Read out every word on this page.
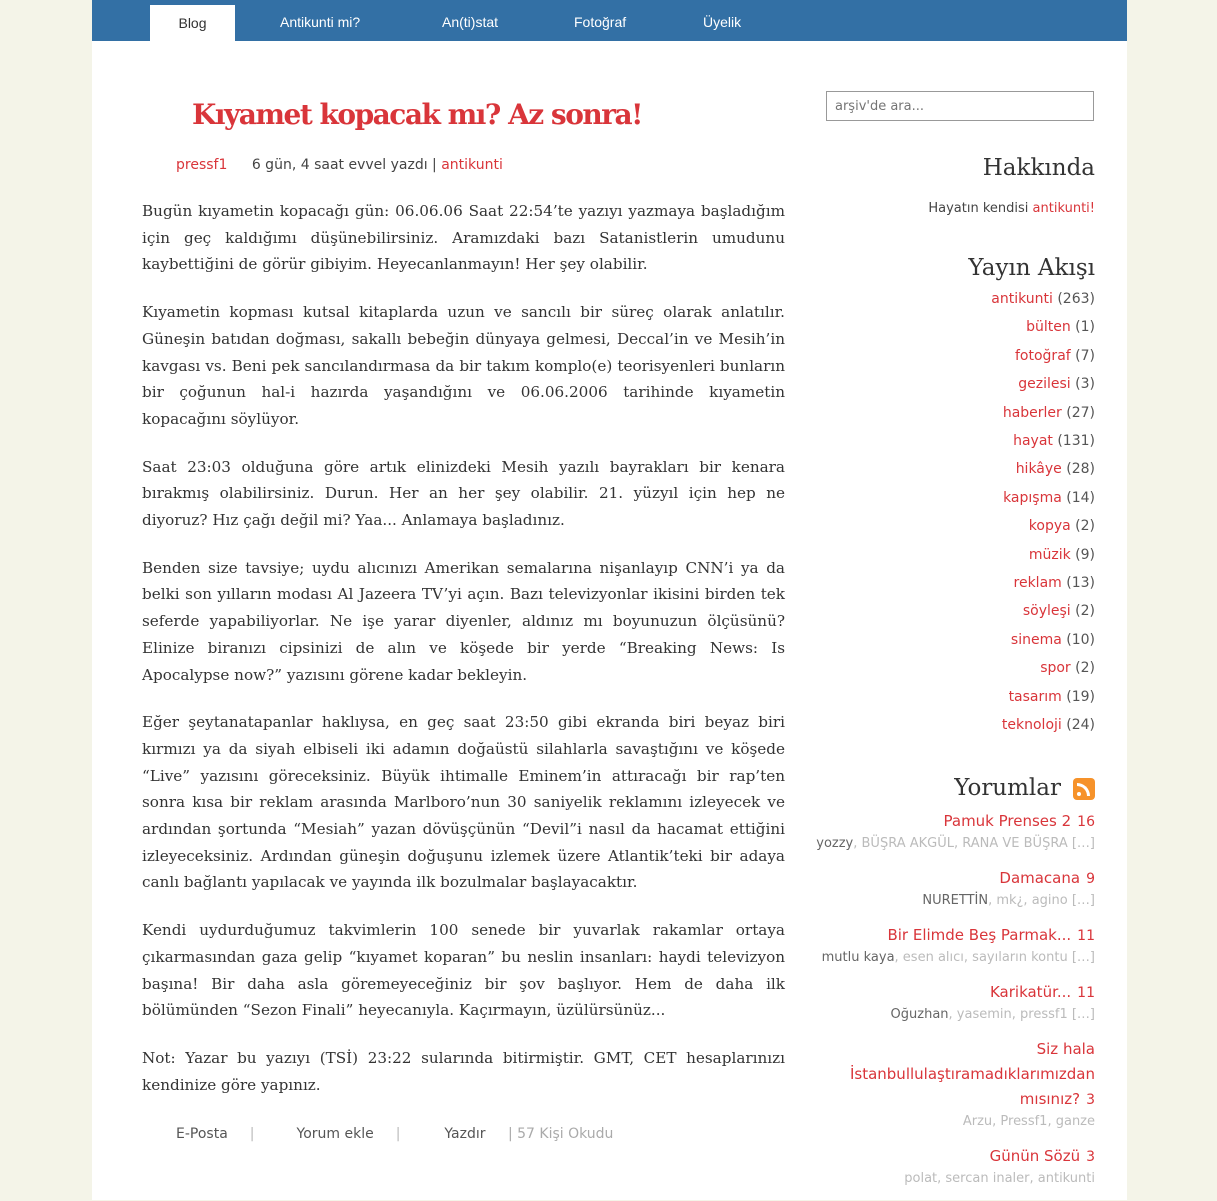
Blog	Antikunti mi?	An(ti)stat	Fotoğraf	Üyelik
Kıyamet kopacak mı? Az sonra!
pressf1 6 gün, 4 saat evvel yazdı | antikunti

Bugün kıyametin kopacağı gün: 06.06.06 Saat 22:54’te yazıyı yazmaya başladığım için geç kaldığımı düşünebilirsiniz. Aramızdaki bazı Satanistlerin umudunu kaybettiğini de görür gibiyim. Heyecanlanmayın! Her şey olabilir.

Kıyametin kopması kutsal kitaplarda uzun ve sancılı bir süreç olarak anlatılır. Güneşin batıdan doğması, sakallı bebeğin dünyaya gelmesi, Deccal’in ve Mesih’in kavgası vs. Beni pek sancılandırmasa da bir takım komplo(e) teorisyenleri bunların bir çoğunun hal-i hazırda yaşandığını ve 06.06.2006 tarihinde kıyametin kopacağını söylüyor.

Saat 23:03 olduğuna göre artık elinizdeki Mesih yazılı bayrakları bir kenara bırakmış olabilirsiniz. Durun. Her an her şey olabilir. 21. yüzyıl için hep ne diyoruz? Hız çağı değil mi? Yaa... Anlamaya başladınız.

Benden size tavsiye; uydu alıcınızı Amerikan semalarına nişanlayıp CNN’i ya da belki son yılların modası Al Jazeera TV’yi açın. Bazı televizyonlar ikisini birden tek seferde yapabiliyorlar. Ne işe yarar diyenler, aldınız mı boyunuzun ölçüsünü? Elinize biranızı cipsinizi de alın ve köşede bir yerde “Breaking News: Is Apocalypse now?” yazısını görene kadar bekleyin.

Eğer şeytanatapanlar haklıysa, en geç saat 23:50 gibi ekranda biri beyaz biri kırmızı ya da siyah elbiseli iki adamın doğaüstü silahlarla savaştığını ve köşede “Live” yazısını göreceksiniz. Büyük ihtimalle Eminem’in attıracağı bir rap’ten sonra kısa bir reklam arasında Marlboro’nun 30 saniyelik reklamını izleyecek ve ardından şortunda “Mesiah” yazan dövüşçünün “Devil”i nasıl da hacamat ettiğini izleyeceksiniz. Ardından güneşin doğuşunu izlemek üzere Atlantik’teki bir adaya canlı bağlantı yapılacak ve yayında ilk bozulmalar başlayacaktır.

Kendi uydurduğumuz takvimlerin 100 senede bir yuvarlak rakamlar ortaya çıkarmasından gaza gelip “kıyamet koparan” bu neslin insanları: haydi televizyon başına! Bir daha asla göremeyeceğiniz bir şov başlıyor. Hem de daha ilk bölümünden “Sezon Finali” heyecanıyla. Kaçırmayın, üzülürsünüz...

Not: Yazar bu yazıyı (TSİ) 23:22 sularında bitirmiştir. GMT, CET hesaplarınızı kendinize göre yapınız.

E-Posta |	Yorum ekle |	Yazdır | 57 Kişi Okudu
arşiv'de ara...
Hakkında
Hayatın kendisi antikunti!
Yayın Akışı
antikunti (263)
bülten (1)
fotoğraf (7)
gezilesi (3)
haberler (27)
hayat (131)
hikâye (28)
kapışma (14)
kopya (2)
müzik (9)
reklam (13)
söyleşi (2)
sinema (10)
spor (2)
tasarım (19)
teknoloji (24)
Yorumlar
Pamuk Prenses 2 16
yozzy, BÜŞRA AKGÜL, RANA VE BÜŞRA […]
Damacana 9
NURETTİN, mk¿, agino […]
Bir Elimde Beş Parmak... 11
mutlu kaya, esen alıcı, sayıların kontu […]
Karikatür... 11
Oğuzhan, yasemin, pressf1 […]
Siz hala İstanbullulaştıramadıklarımızdan mısınız? 3
Arzu, Pressf1, ganze
Günün Sözü 3
polat, sercan inaler, antikunti
